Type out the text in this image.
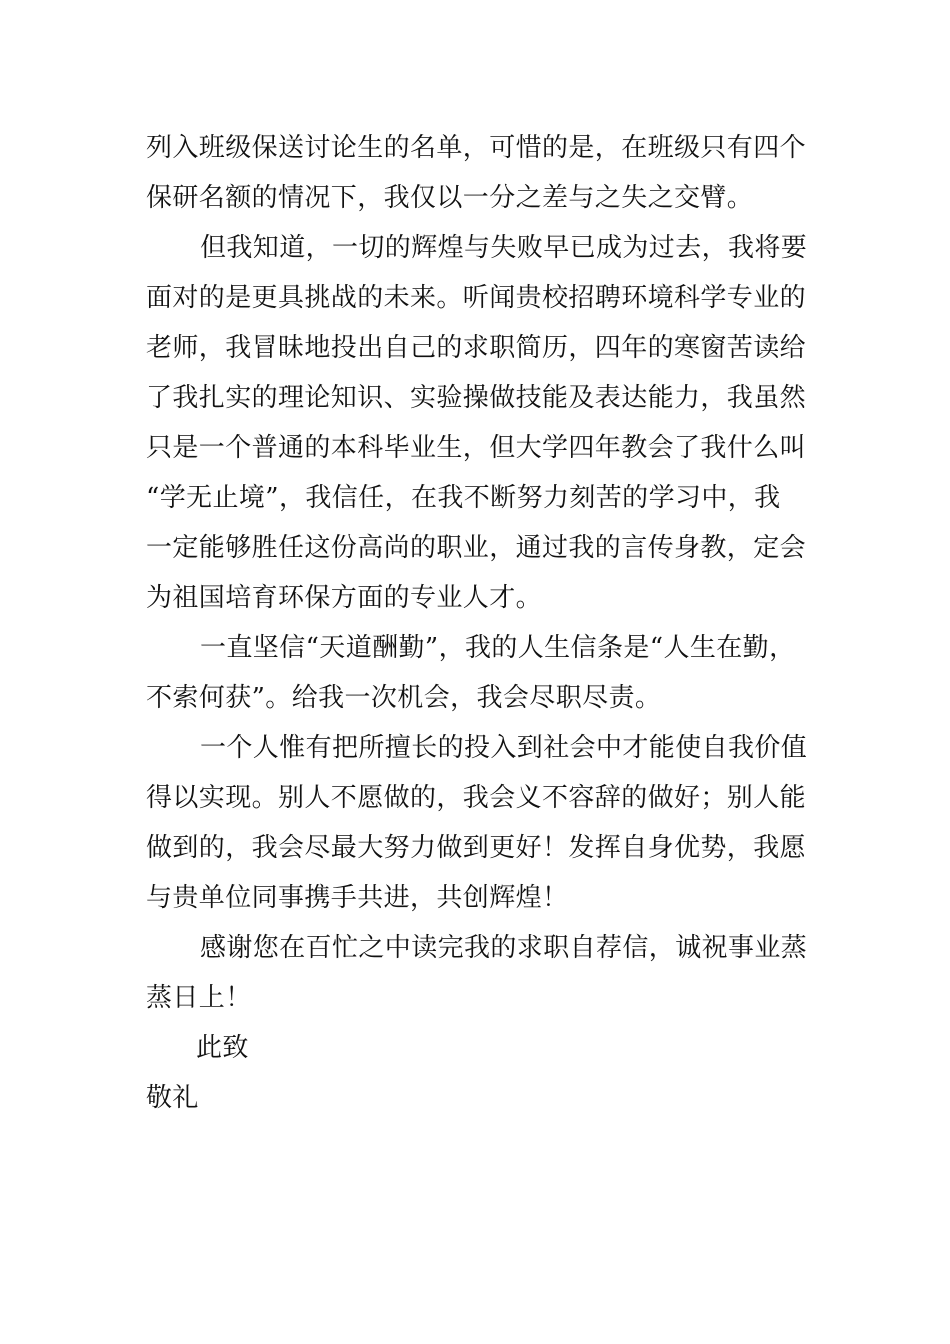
列入班级保送讨论生的名单，可惜的是，在班级只有四个
保研名额的情况下，我仅以一分之差与之失之交臂。
但我知道，一切的辉煌与失败早已成为过去，我将要
面对的是更具挑战的未来。听闻贵校招聘环境科学专业的
老师，我冒昧地投出自己的求职简历，四年的寒窗苦读给
了我扎实的理论知识、实验操做技能及表达能力，我虽然
只是一个普通的本科毕业生，但大学四年教会了我什么叫
“学无止境”，我信任，在我不断努力刻苦的学习中，我
一定能够胜任这份高尚的职业，通过我的言传身教，定会
为祖国培育环保方面的专业人才。
一直坚信“天道酬勤”，我的人生信条是“人生在勤，
不索何获”。给我一次机会，我会尽职尽责。
一个人惟有把所擅长的投入到社会中才能使自我价值
得以实现。别人不愿做的，我会义不容辞的做好；别人能
做到的，我会尽最大努力做到更好！发挥自身优势，我愿
与贵单位同事携手共进，共创辉煌！
感谢您在百忙之中读完我的求职自荐信，诚祝事业蒸
蒸日上！
此致
敬礼
